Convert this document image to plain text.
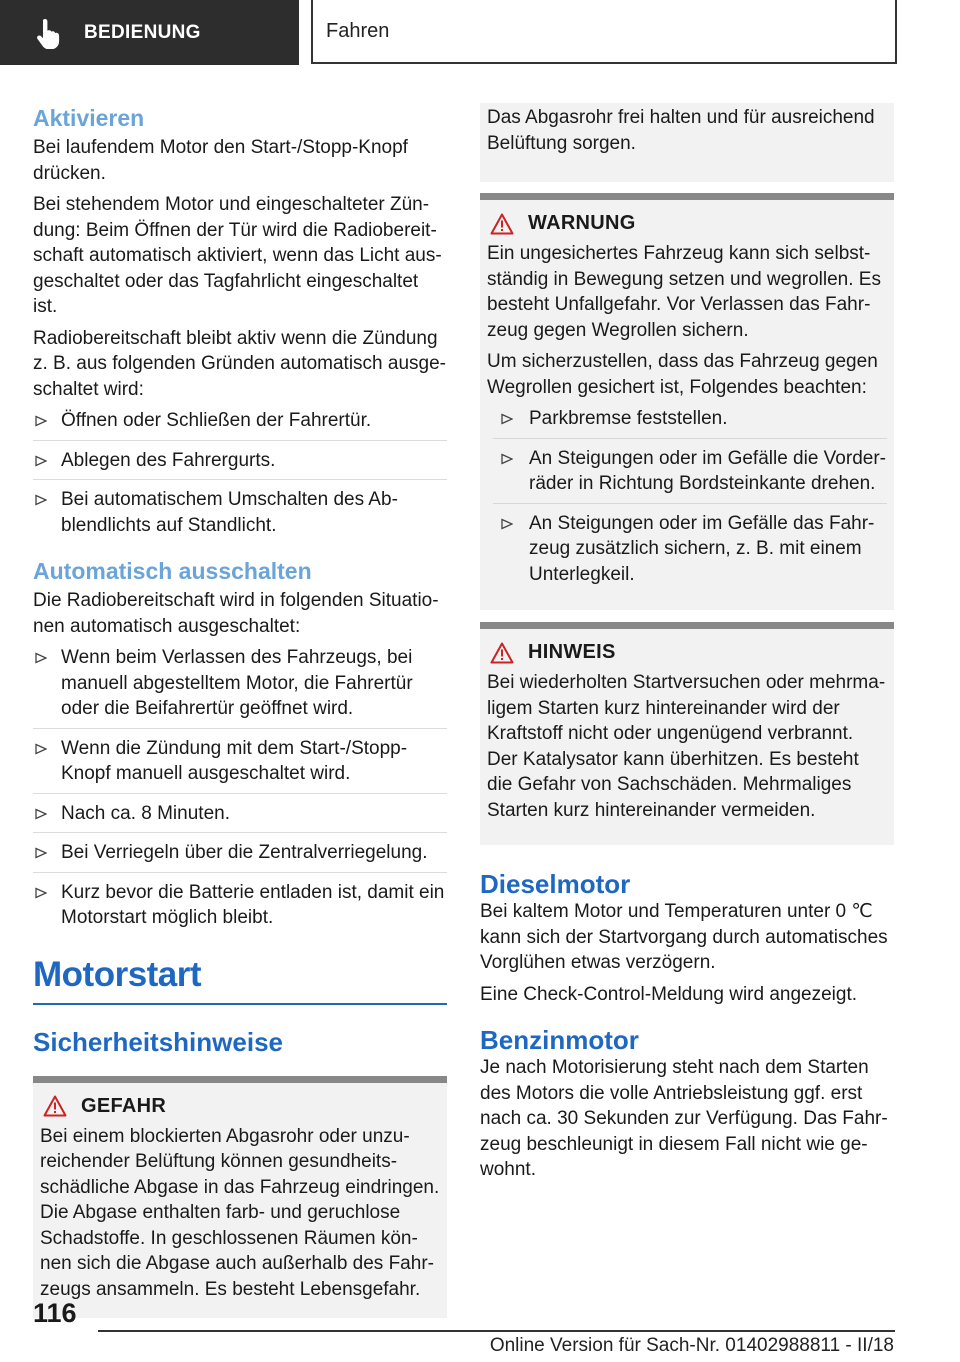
BEDIENUNG	Fahren
Aktivieren

Bei laufendem Motor den Start-/Stopp-Knopf drücken.

Bei stehendem Motor und eingeschalteter Zündung: Beim Öffnen der Tür wird die Radiobereitschaft automatisch aktiviert, wenn das Licht ausgeschaltet oder das Tagfahrlicht eingeschaltet ist.

Radiobereitschaft bleibt aktiv wenn die Zündung z. B. aus folgenden Gründen automatisch ausgeschaltet wird:

Öffnen oder Schließen der Fahrertür.
Ablegen des Fahrergurts.
Bei automatischem Umschalten des Abblendlichts auf Standlicht.
Automatisch ausschalten

Die Radiobereitschaft wird in folgenden Situationen automatisch ausgeschaltet:

Wenn beim Verlassen des Fahrzeugs, bei manuell abgestelltem Motor, die Fahrertür oder die Beifahrertür geöffnet wird.
Wenn die Zündung mit dem Start-/Stopp-Knopf manuell ausgeschaltet wird.
Nach ca. 8 Minuten.
Bei Verriegeln über die Zentralverriegelung.
Kurz bevor die Batterie entladen ist, damit ein Motorstart möglich bleibt.
Motorstart
Sicherheitshinweise
GEFAHR

Bei einem blockierten Abgasrohr oder unzureichender Belüftung können gesundheitsschädliche Abgase in das Fahrzeug eindringen. Die Abgase enthalten farb- und geruchlose Schadstoffe. In geschlossenen Räumen können sich die Abgase auch außerhalb des Fahrzeugs ansammeln. Es besteht Lebensgefahr.

Das Abgasrohr frei halten und für ausreichend Belüftung sorgen.

WARNUNG

Ein ungesichertes Fahrzeug kann sich selbstständig in Bewegung setzen und wegrollen. Es besteht Unfallgefahr. Vor Verlassen das Fahrzeug gegen Wegrollen sichern.

Um sicherzustellen, dass das Fahrzeug gegen Wegrollen gesichert ist, Folgendes beachten:

Parkbremse feststellen.
An Steigungen oder im Gefälle die Vorderräder in Richtung Bordsteinkante drehen.
An Steigungen oder im Gefälle das Fahrzeug zusätzlich sichern, z. B. mit einem Unterlegkeil.
HINWEIS

Bei wiederholten Startversuchen oder mehrmaligem Starten kurz hintereinander wird der Kraftstoff nicht oder ungenügend verbrannt. Der Katalysator kann überhitzen. Es besteht die Gefahr von Sachschäden. Mehrmaliges Starten kurz hintereinander vermeiden.

Dieselmotor

Bei kaltem Motor und Temperaturen unter 0 ℃ kann sich der Startvorgang durch automatisches Vorglühen etwas verzögern.

Eine Check-Control-Meldung wird angezeigt.

Benzinmotor

Je nach Motorisierung steht nach dem Starten des Motors die volle Antriebsleistung ggf. erst nach ca. 30 Sekunden zur Verfügung. Das Fahrzeug beschleunigt in diesem Fall nicht wie gewohnt.

116
Online Version für Sach-Nr. 01402988811 - II/18
